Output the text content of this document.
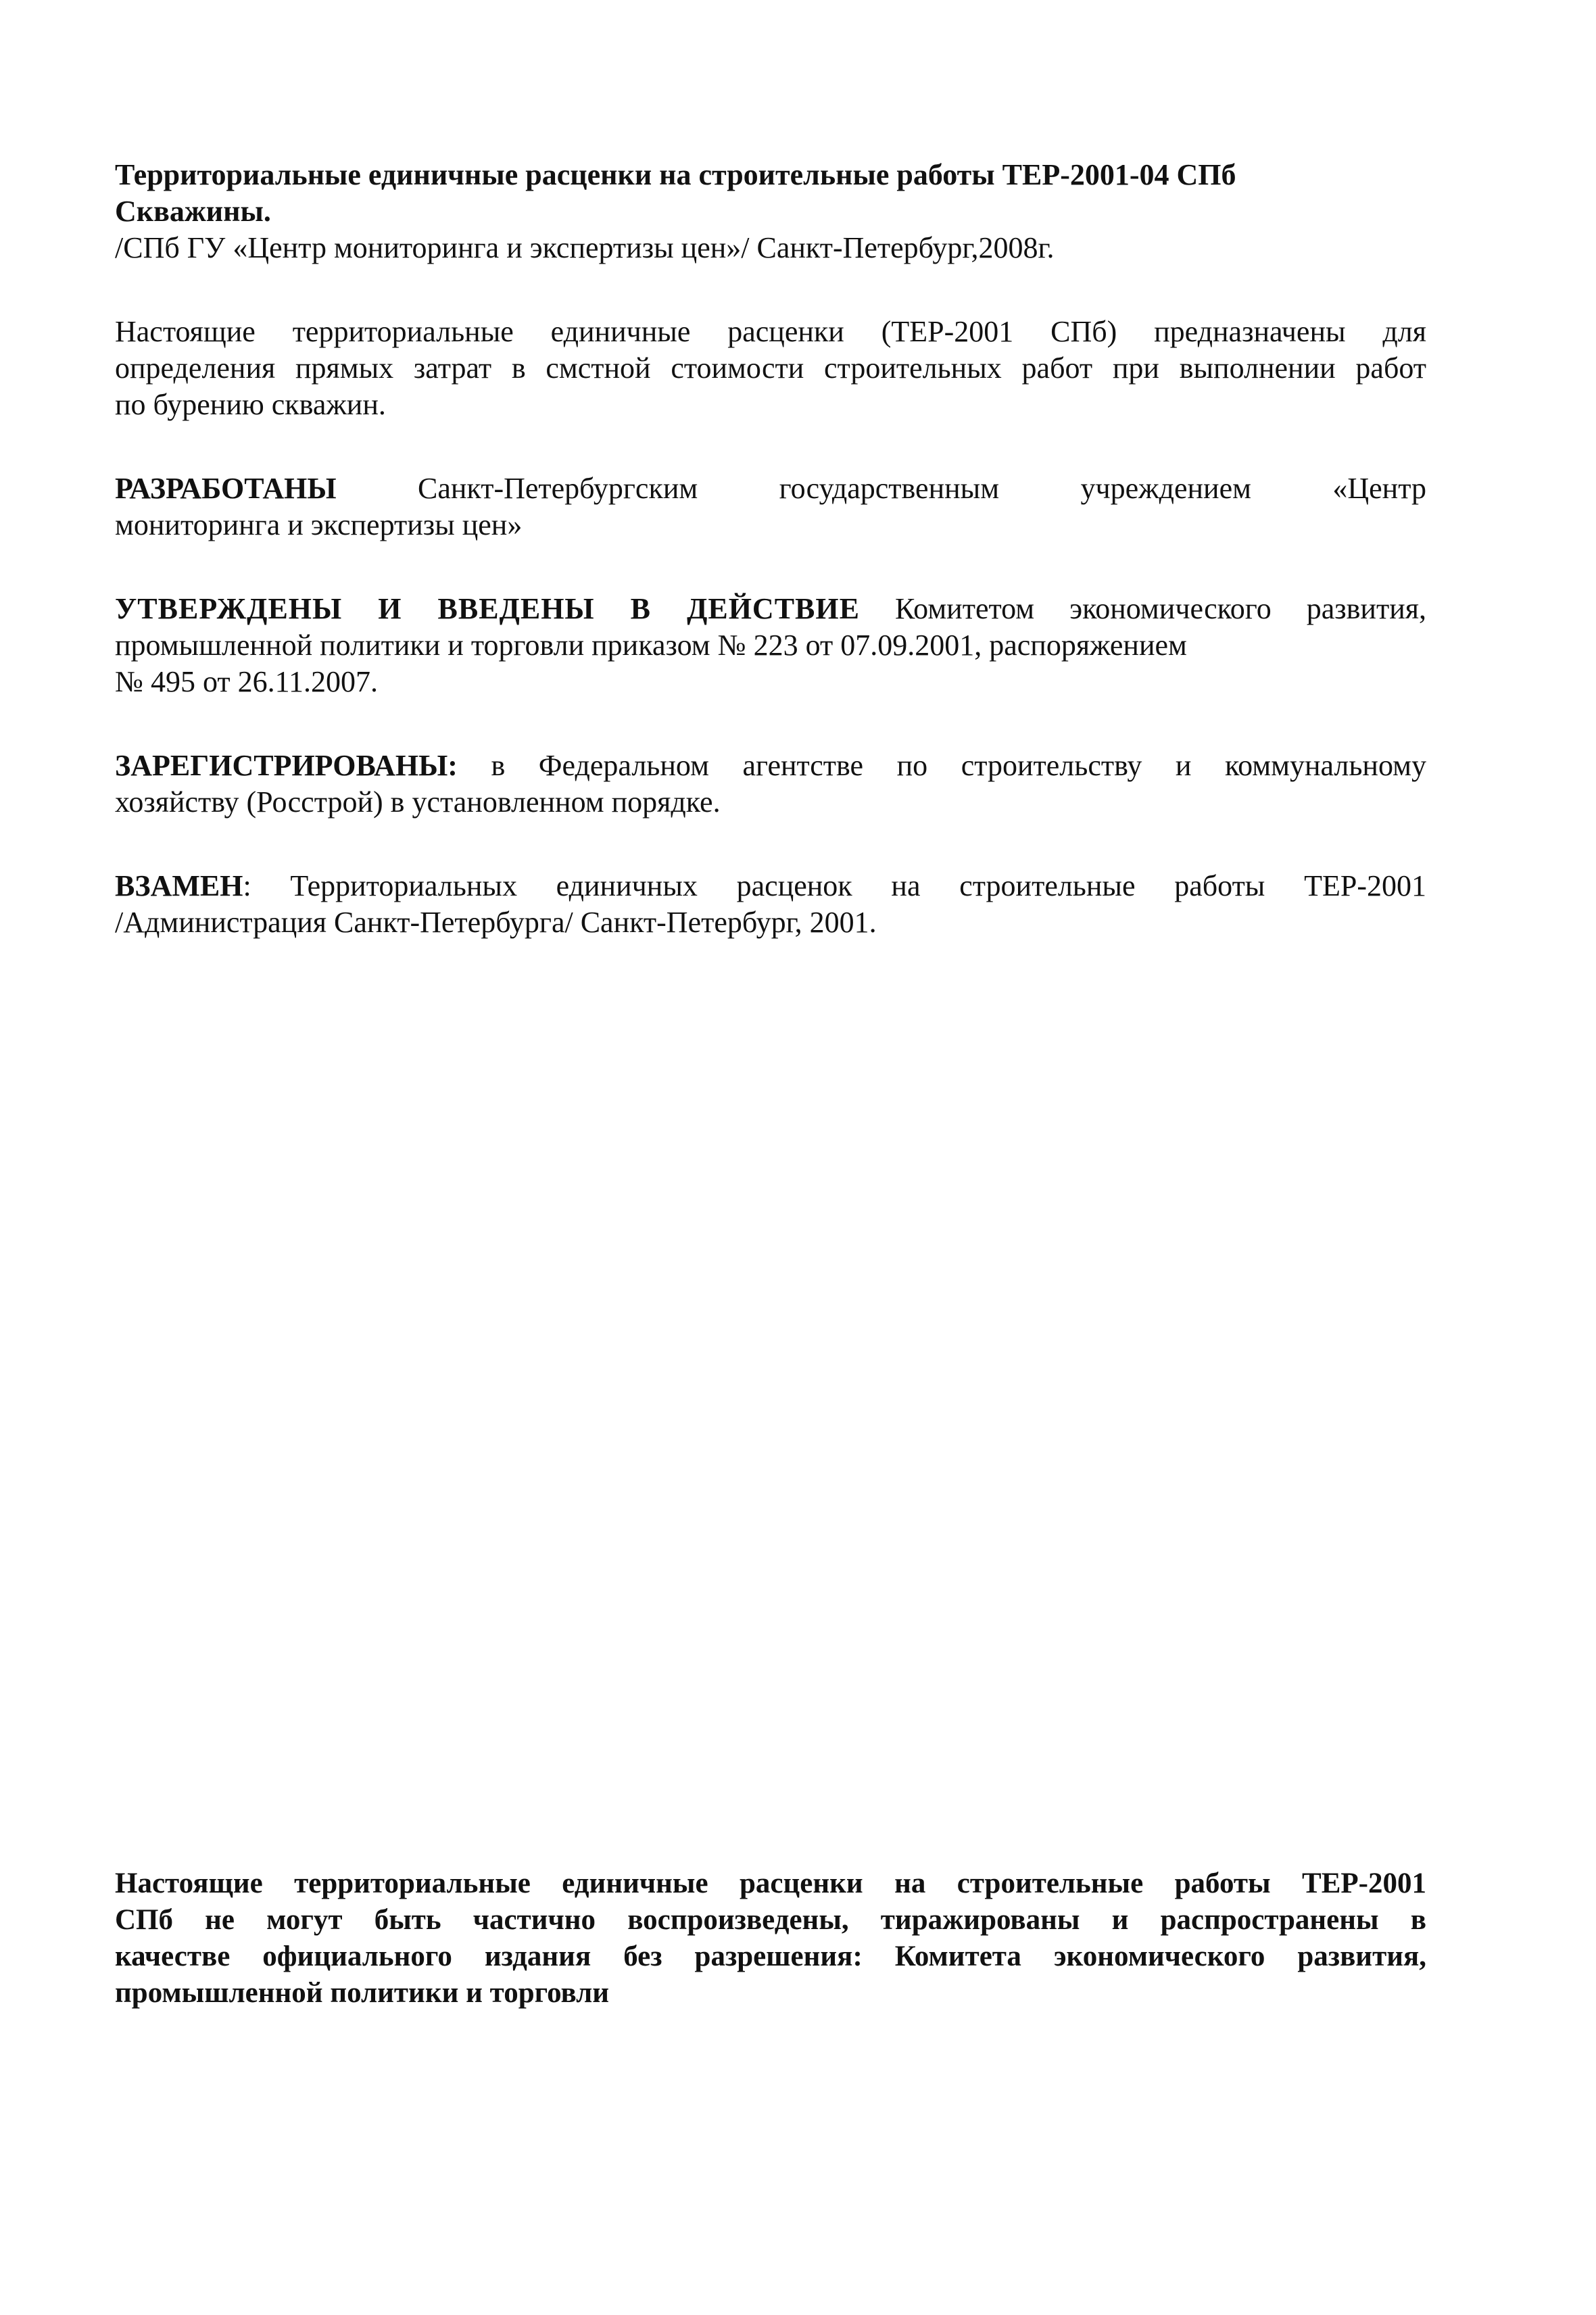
Территориальные единичные расценки на строительные работы ТЕР-2001-04 СПб
Скважины.

/СПб ГУ «Центр мониторинга и экспертизы цен»/ Санкт-Петербург,2008г.

Настоящие территориальные единичные расценки (ТЕР-2001 СПб) предназначены для
определения прямых затрат в смстной стоимости строительных работ при выполнении работ
по бурению скважин.

РАЗРАБОТАНЫ Санкт-Петербургским государственным учреждением «Центр
мониторинга и экспертизы цен»

УТВЕРЖДЕНЫ И ВВЕДЕНЫ В ДЕЙСТВИЕ Комитетом экономического развития,
промышленной политики и торговли приказом № 223 от 07.09.2001, распоряжением
№ 495 от 26.11.2007.

ЗАРЕГИСТРИРОВАНЫ: в Федеральном агентстве по строительству и коммунальному
хозяйству (Росстрой) в установленном порядке.

ВЗАМЕН: Территориальных единичных расценок на строительные работы ТЕР-2001
/Администрация Санкт-Петербурга/ Санкт-Петербург, 2001.

Настоящие территориальные единичные расценки на строительные работы ТЕР-2001
СПб не могут быть частично воспроизведены, тиражированы и распространены в
качестве официального издания без разрешения: Комитета экономического развития,
промышленной политики и торговли
